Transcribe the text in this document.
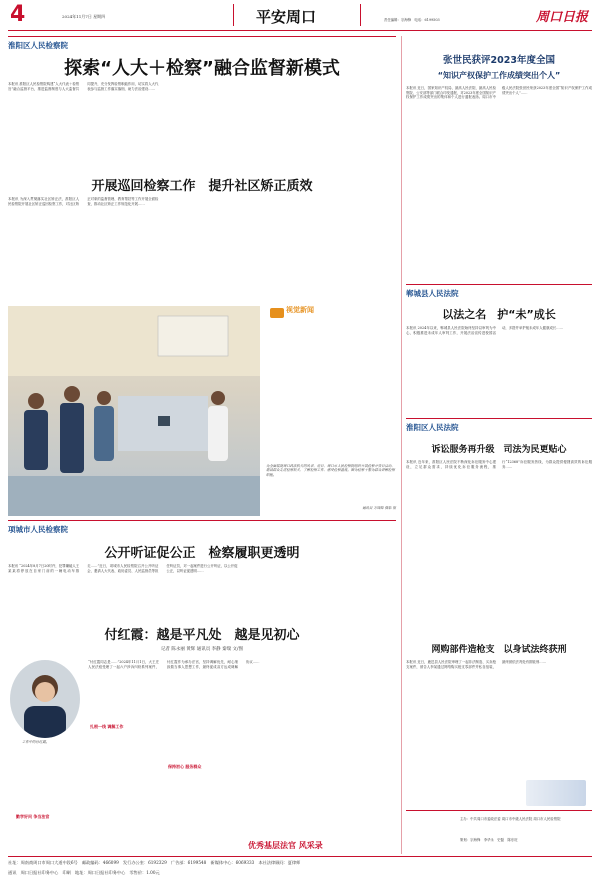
4	2024年11月7日 星期四	平安周口	责任编辑：宗海锋 电话：6199503	周口日报
淮阳区人民检察院
探索“人大＋检察”融合监督新模式
本报讯 淮阳区人民检察院构建“人大代表＋检察官”融合监督平台，推进监督制度与人大监督共同提升，充分发挥检察职能作用，切实将人大代表参与监督工作落实落细，助力法治建设……
开展巡回检察工作　提升社区矫正质效
本报讯 为深入贯彻落实社区矫正法，淮阳区人民检察院开展社区矫正巡回检察工作，对社区矫正对象的监督管理、教育帮扶等工作开展全面检查，推动社区矫正工作规范化开展……
视觉新闻
为全面展现周口政法机关的风采，近日，周口市人民检察院组织开展检察开放日活动，邀请群众走进检察机关，了解检察工作，感受检察温度。图为检察干警为群众讲解检察职能。
通讯员 万锦锋 摄影 报
项城市人民检察院
公开听证促公正　检察履职更透明
本报讯 “2024年8月7日20时许，犯罪嫌疑人王某某将停放在自家门前的一辆电动车推走……”近日，项城市人民检察院召开公开听证会，邀请人大代表、政协委员、人民监督员等担任听证员，对一起案件进行公开听证，以公开促公正，以听证促透明……
付红霞：越是平凡处　越是见初心
记者 陈永丽 黄辉 通讯员 李静 秦瑞 文/图
工作中的付红霞。
“付红霞同志是……”2024年11月1日，大王庄人民法庭受理了一起六户涉诉纠纷系列案件，付红霞作为承办法官，坚持调解优先，耐心细致做当事人思想工作，最终促成双方达成调解协议……
扎根一线 调解工作
保持初心 服务群众
勤学好问 争当法官
优秀基层法官 风采录
张世民获评2023年度全国
“知识产权保护工作成绩突出个人”
本报讯 近日，国家知识产权局、最高人民法院、最高人民检察院、公安部等部门联合印发通报，对2023年度全国知识产权保护工作成绩突出的集体和个人进行通报表扬。周口市中级人民法院张世民荣获2023年度全国“知识产权保护工作成绩突出个人”……
郸城县人民法院
以法之名　护“未”成长
本报讯 2024年以来，郸城县人民法院始终坚持以审判为中心，积极推进未成年人审判工作，开展法治宣传进校园活动，多措并举护航未成年人健康成长……
淮阳区人民法院
诉讼服务再升级　司法为民更贴心
本报讯 近年来，淮阳区人民法院不断深化诉讼服务中心建设，立足群众需求，持续优化诉讼服务流程，推行“12368”诉讼服务热线，为群众提供便捷高效的诉讼服务……
网购部件造枪支　以身试法终获刑
本报讯 近日，鹿邑县人民法院审理了一起非法制造、买卖枪支案件，被告人李某通过网络购买枪支零部件并私自组装，最终被依法判处有期徒刑……
主办：中共周口市委政法委 周口市中级人民法院 周口市人民检察院
策划：宗海锋　李华永　史磊　陈东旺
社址：周南商周口市周口大道中段6号　邮政编码：466099　发行办公室：6192329　广告部：6199548　新媒体中心：6069333　本社法律顾问：夏律师
通讯　周口日报社印务中心　印刷　地址：周口日报社印务中心　零售价：1.00元
